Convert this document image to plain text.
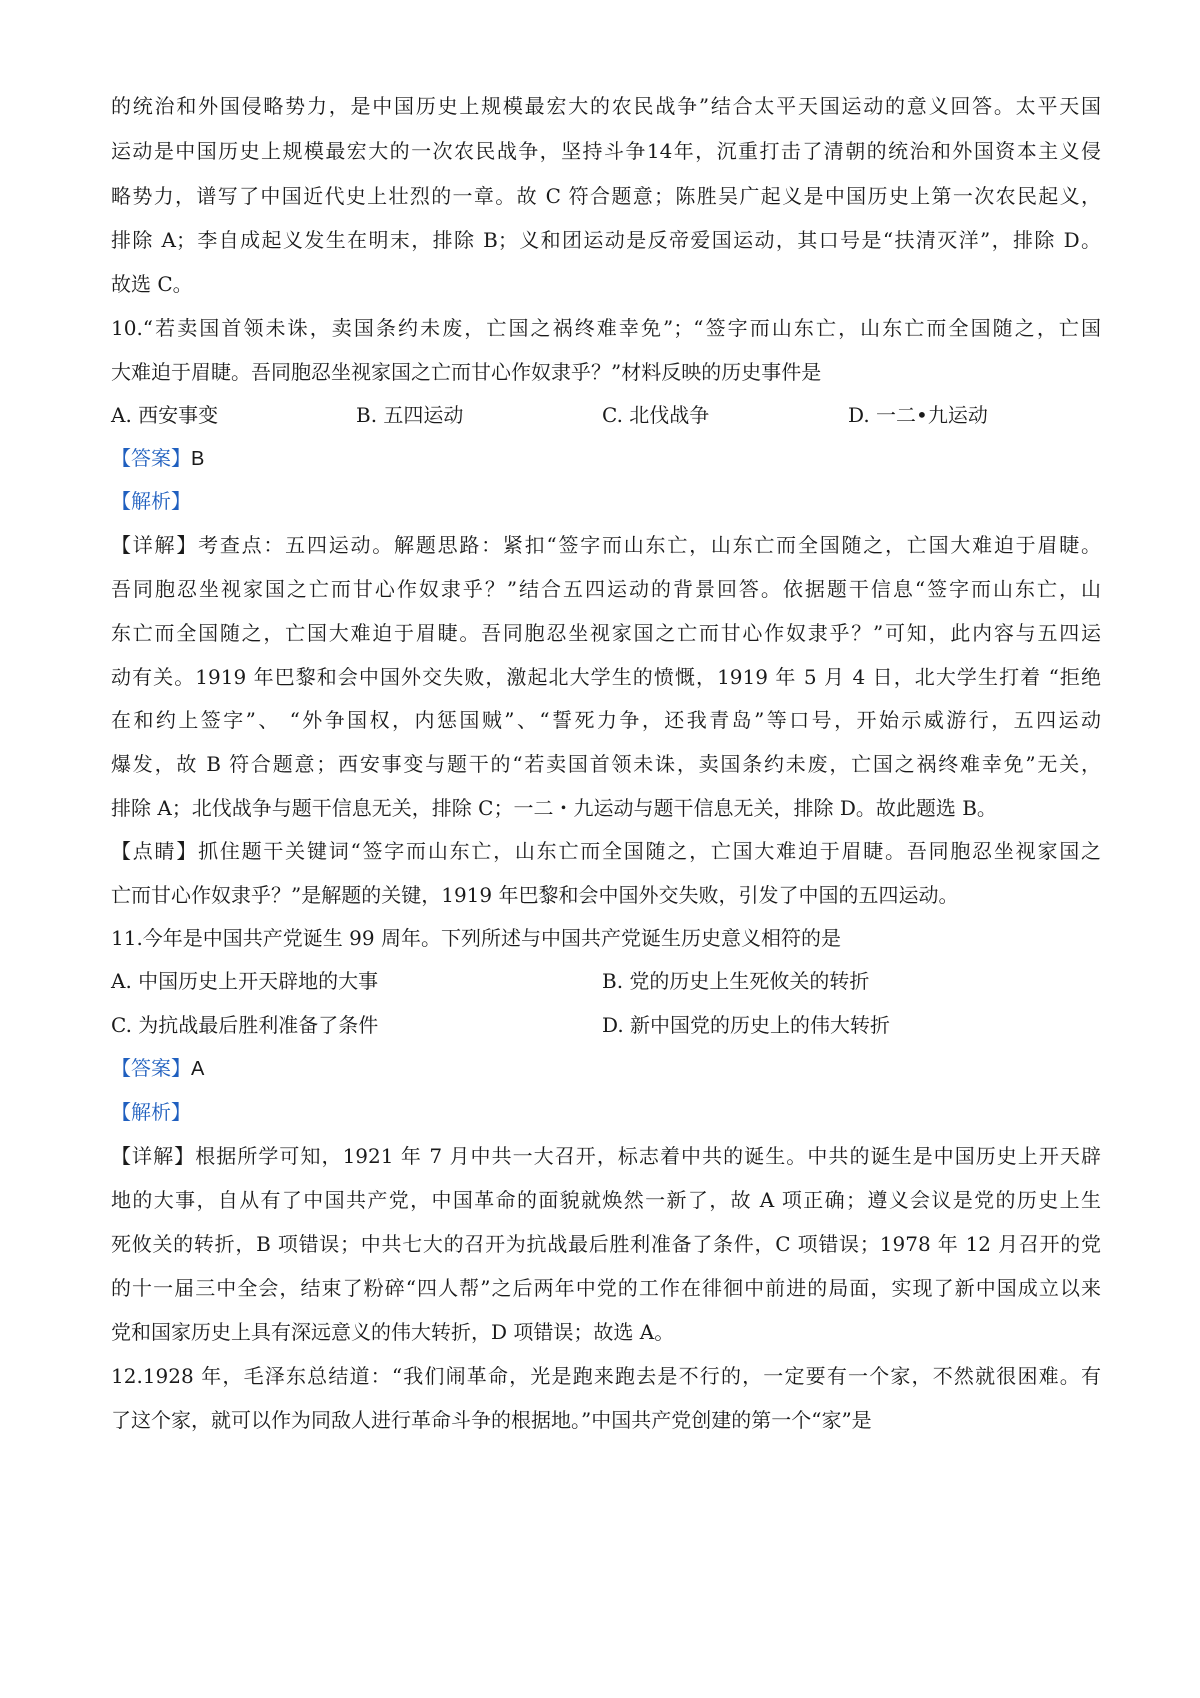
的统治和外国侵略势力，是中国历史上规模最宏大的农民战争”结合太平天国运动的意义回答。太平天国
运动是中国历史上规模最宏大的一次农民战争，坚持斗争14年，沉重打击了清朝的统治和外国资本主义侵
略势力，谱写了中国近代史上壮烈的一章。故 C 符合题意；陈胜吴广起义是中国历史上第一次农民起义，
排除 A；李自成起义发生在明末，排除 B；义和团运动是反帝爱国运动，其口号是“扶清灭洋”，排除 D。
故选 C。
10.“若卖国首领未诛，卖国条约未废，亡国之祸终难幸免”；“签字而山东亡，山东亡而全国随之，亡国
大难迫于眉睫。吾同胞忍坐视家国之亡而甘心作奴隶乎？”材料反映的历史事件是
A. 西安事变	B. 五四运动	C. 北伐战争	D. 一二•九运动
【答案】B
【解析】
【详解】考查点：五四运动。解题思路：紧扣“签字而山东亡，山东亡而全国随之，亡国大难迫于眉睫。
吾同胞忍坐视家国之亡而甘心作奴隶乎？”结合五四运动的背景回答。依据题干信息“签字而山东亡，山
东亡而全国随之，亡国大难迫于眉睫。吾同胞忍坐视家国之亡而甘心作奴隶乎？”可知，此内容与五四运
动有关。1919 年巴黎和会中国外交失败，激起北大学生的愤慨，1919 年 5 月 4 日，北大学生打着 “拒绝
在和约上签字”、 “外争国权，内惩国贼”、“誓死力争，还我青岛”等口号，开始示威游行，五四运动
爆发，故 B 符合题意；西安事变与题干的“若卖国首领未诛，卖国条约未废，亡国之祸终难幸免”无关，
排除 A；北伐战争与题干信息无关，排除 C；一二・九运动与题干信息无关，排除 D。故此题选 B。
【点睛】抓住题干关键词“签字而山东亡，山东亡而全国随之，亡国大难迫于眉睫。吾同胞忍坐视家国之
亡而甘心作奴隶乎？”是解题的关键，1919 年巴黎和会中国外交失败，引发了中国的五四运动。
11.今年是中国共产党诞生 99 周年。下列所述与中国共产党诞生历史意义相符的是
A. 中国历史上开天辟地的大事	B. 党的历史上生死攸关的转折
C. 为抗战最后胜利准备了条件	D. 新中国党的历史上的伟大转折
【答案】A
【解析】
【详解】根据所学可知，1921 年 7 月中共一大召开，标志着中共的诞生。中共的诞生是中国历史上开天辟
地的大事，自从有了中国共产党，中国革命的面貌就焕然一新了，故 A 项正确；遵义会议是党的历史上生
死攸关的转折，B 项错误；中共七大的召开为抗战最后胜利准备了条件，C 项错误；1978 年 12 月召开的党
的十一届三中全会，结束了粉碎“四人帮”之后两年中党的工作在徘徊中前进的局面，实现了新中国成立以来
党和国家历史上具有深远意义的伟大转折，D 项错误；故选 A。
12.1928 年，毛泽东总结道：“我们闹革命，光是跑来跑去是不行的，一定要有一个家，不然就很困难。有
了这个家，就可以作为同敌人进行革命斗争的根据地。”中国共产党创建的第一个“家”是
